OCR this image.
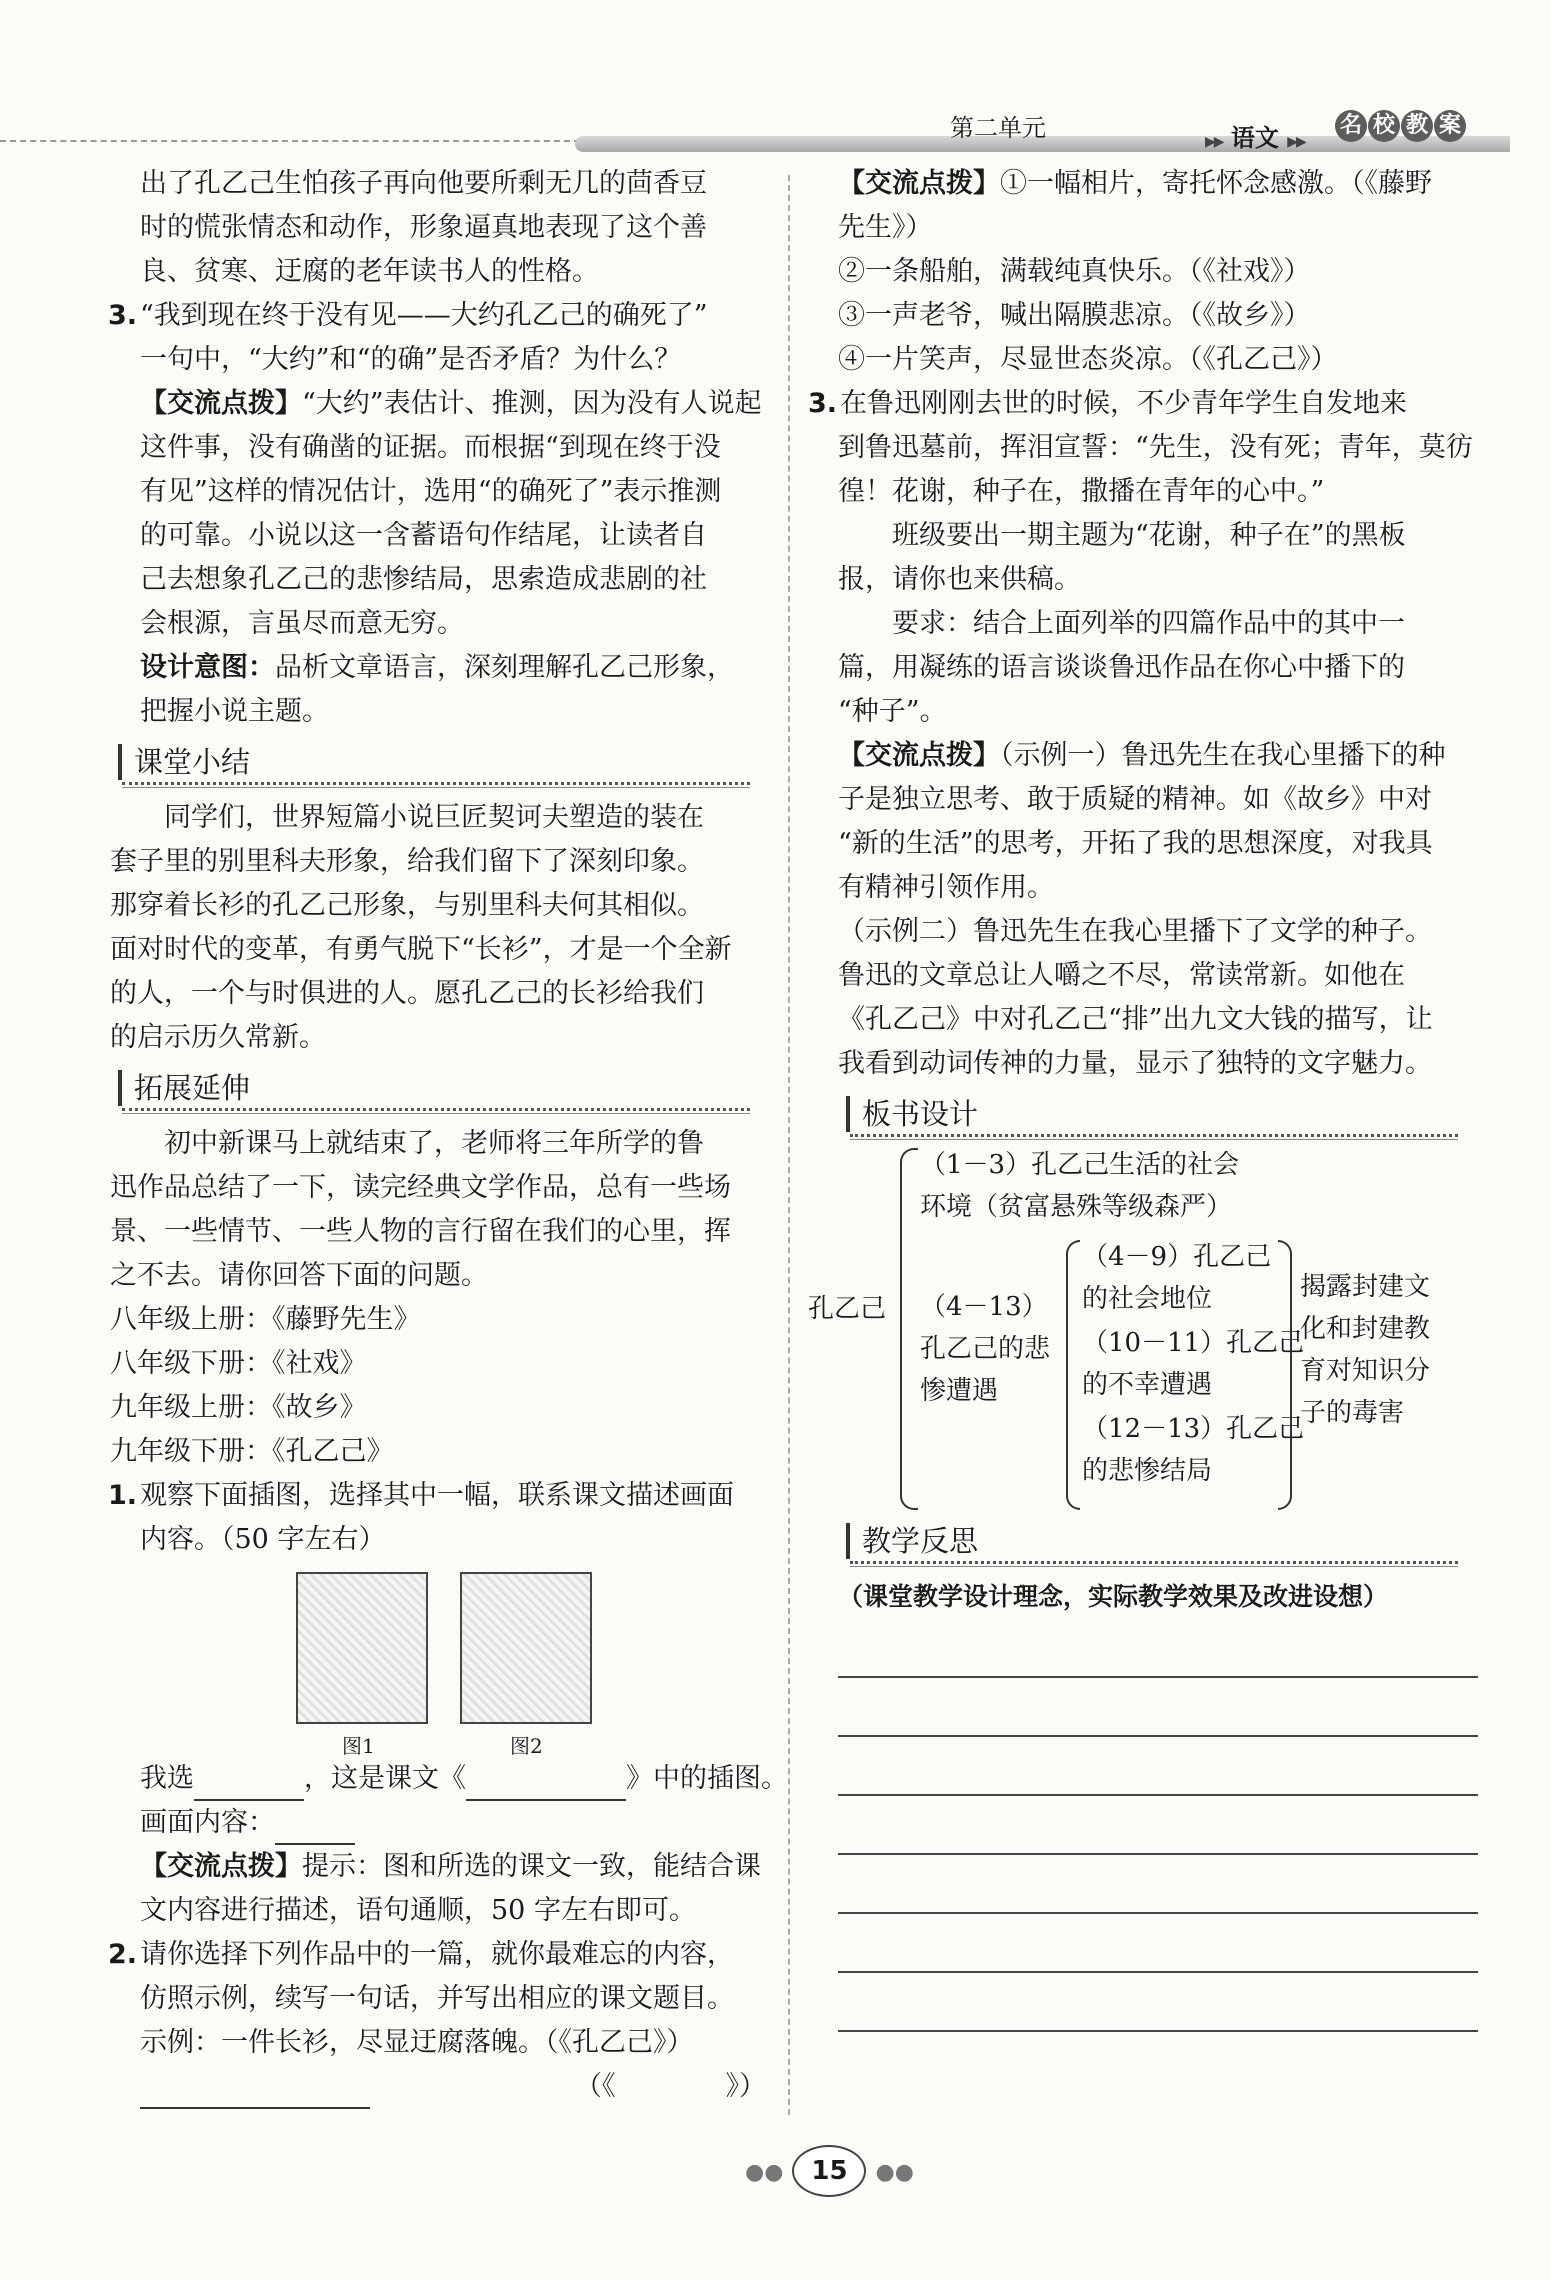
第二单元	▶▶ 语文 ▶▶
名 校 教 案
出了孔乙己生怕孩子再向他要所剩无几的茴香豆
时的慌张情态和动作，形象逼真地表现了这个善
良、贫寒、迂腐的老年读书人的性格。
3. “我到现在终于没有见——大约孔乙己的确死了”
一句中，“大约”和“的确”是否矛盾？为什么？
【交流点拨】“大约”表估计、推测，因为没有人说起
这件事，没有确凿的证据。而根据“到现在终于没
有见”这样的情况估计，选用“的确死了”表示推测
的可靠。小说以这一含蓄语句作结尾，让读者自
己去想象孔乙己的悲惨结局，思索造成悲剧的社
会根源，言虽尽而意无穷。
设计意图：品析文章语言，深刻理解孔乙己形象，
把握小说主题。
课堂小结
同学们，世界短篇小说巨匠契诃夫塑造的装在
套子里的别里科夫形象，给我们留下了深刻印象。
那穿着长衫的孔乙己形象，与别里科夫何其相似。
面对时代的变革，有勇气脱下“长衫”，才是一个全新
的人，一个与时俱进的人。愿孔乙己的长衫给我们
的启示历久常新。
拓展延伸
初中新课马上就结束了，老师将三年所学的鲁
迅作品总结了一下，读完经典文学作品，总有一些场
景、一些情节、一些人物的言行留在我们的心里，挥
之不去。请你回答下面的问题。
八年级上册：《藤野先生》
八年级下册：《社戏》
九年级上册：《故乡》
九年级下册：《孔乙己》
1. 观察下面插图，选择其中一幅，联系课文描述画面
内容。（50 字左右）
图1	图2
我选	，这是课文《	》中的插图。
画面内容：
【交流点拨】提示：图和所选的课文一致，能结合课
文内容进行描述，语句通顺，50 字左右即可。
2. 请你选择下列作品中的一篇，就你最难忘的内容，
仿照示例，续写一句话，并写出相应的课文题目。
示例：一件长衫，尽显迂腐落魄。（《孔乙己》）
（《	》）
【交流点拨】①一幅相片，寄托怀念感激。（《藤野
先生》）
②一条船舶，满载纯真快乐。（《社戏》）
③一声老爷，喊出隔膜悲凉。（《故乡》）
④一片笑声，尽显世态炎凉。（《孔乙己》）
3. 在鲁迅刚刚去世的时候，不少青年学生自发地来
到鲁迅墓前，挥泪宣誓：“先生，没有死；青年，莫彷
徨！花谢，种子在，撒播在青年的心中。”
班级要出一期主题为“花谢，种子在”的黑板
报，请你也来供稿。
要求：结合上面列举的四篇作品中的其中一
篇，用凝练的语言谈谈鲁迅作品在你心中播下的
“种子”。
【交流点拨】（示例一）鲁迅先生在我心里播下的种
子是独立思考、敢于质疑的精神。如《故乡》中对
“新的生活”的思考，开拓了我的思想深度，对我具
有精神引领作用。
（示例二）鲁迅先生在我心里播下了文学的种子。
鲁迅的文章总让人嚼之不尽，常读常新。如他在
《孔乙己》中对孔乙己“排”出九文大钱的描写，让
我看到动词传神的力量，显示了独特的文字魅力。
板书设计
孔乙己
（1－3）孔乙己生活的社会
环境（贫富悬殊等级森严）
（4－13）
孔乙己的悲
惨遭遇
（4－9）孔乙己
的社会地位
（10－11）孔乙己
的不幸遭遇
（12－13）孔乙己
的悲惨结局
揭露封建文
化和封建教
育对知识分
子的毒害
教学反思
（课堂教学设计理念，实际教学效果及改进设想）
●● 15 ●●
